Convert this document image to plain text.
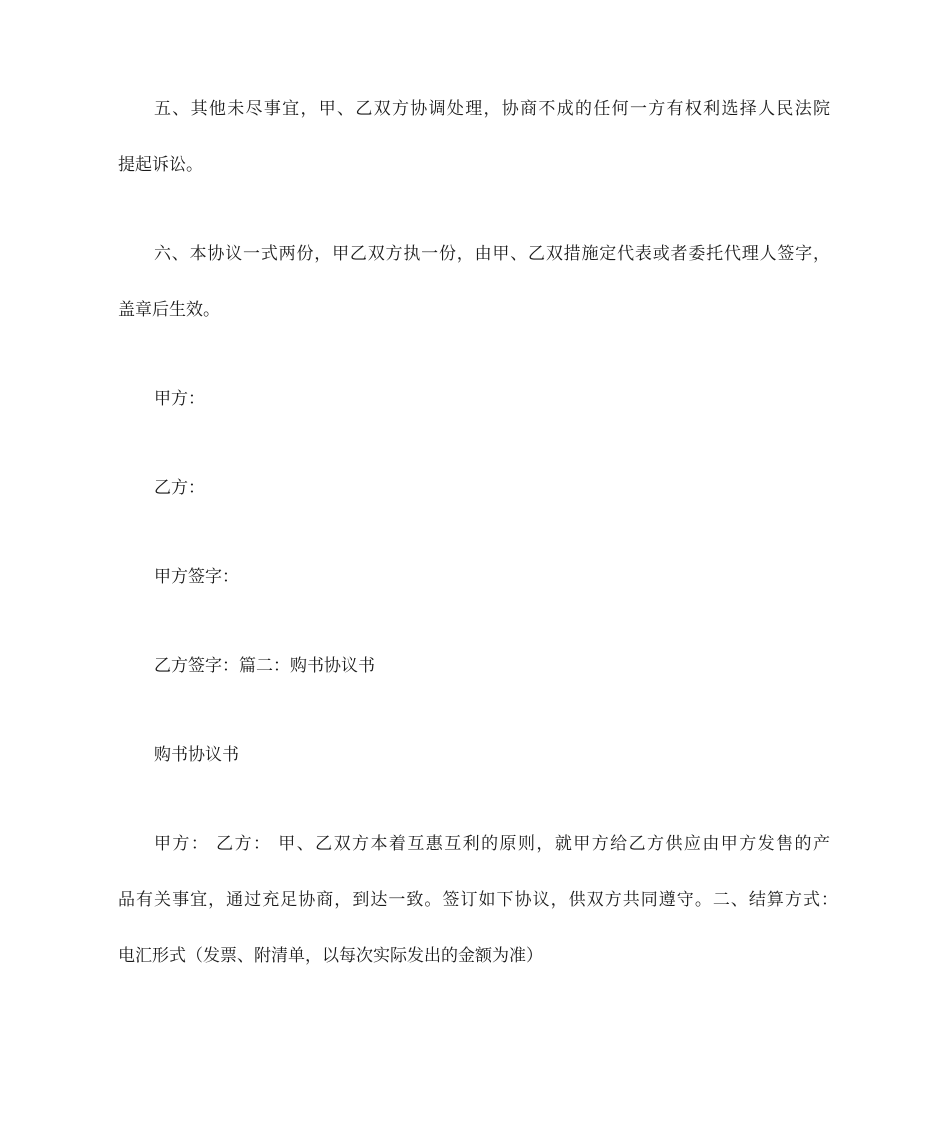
五、其他未尽事宜，甲、乙双方协调处理，协商不成的任何一方有权利选择人民法院
提起诉讼。
六、本协议一式两份，甲乙双方执一份，由甲、乙双措施定代表或者委托代理人签字，
盖章后生效。
甲方：
乙方：
甲方签字：
乙方签字：篇二：购书协议书
购书协议书
甲方： 乙方： 甲、乙双方本着互惠互利的原则，就甲方给乙方供应由甲方发售的产
品有关事宜，通过充足协商，到达一致。签订如下协议，供双方共同遵守。二、结算方式：
电汇形式（发票、附清单，以每次实际发出的金额为准）
